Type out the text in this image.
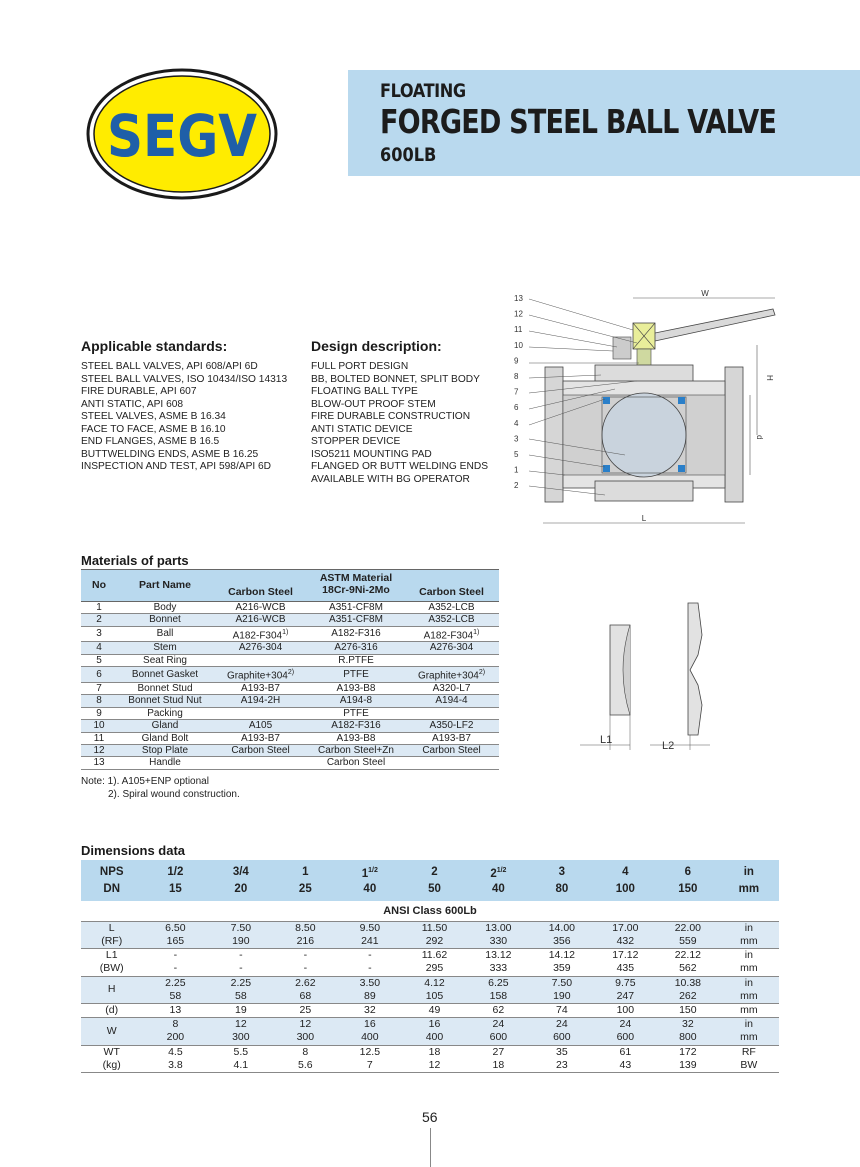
SEGV
FLOATING
FORGED STEEL BALL VALVE
600LB
Applicable standards:
STEEL BALL VALVES, API 608/API 6D
STEEL BALL VALVES, ISO 10434/ISO 14313
FIRE DURABLE, API 607
ANTI STATIC, API 608
STEEL VALVES, ASME B 16.34
FACE TO FACE, ASME B 16.10
END FLANGES, ASME B 16.5
BUTTWELDING ENDS, ASME B 16.25
INSPECTION AND TEST, API 598/API 6D
Design description:
FULL PORT DESIGN
BB, BOLTED BONNET, SPLIT BODY
FLOATING BALL TYPE
BLOW-OUT PROOF STEM
FIRE DURABLE CONSTRUCTION
ANTI STATIC DEVICE
STOPPER DEVICE
ISO5211 MOUNTING PAD
FLANGED OR BUTT WELDING ENDS
AVAILABLE WITH BG OPERATOR
W
H
d
L
13
12
11
10
9
8
7
6
4
3
5
1
2
L1	L2
Materials of parts
No	Part Name	ASTM Material		
		Carbon Steel	18Cr-9Ni-2Mo	Carbon Steel
1	Body	A216-WCB	A351-CF8M	A352-LCB
2	Bonnet	A216-WCB	A351-CF8M	A352-LCB
3	Ball	A182-F304$^{1)}$	A182-F316	A182-F304$^{1)}$
4	Stem	A276-304	A276-316	A276-304
5	Seat Ring	R.PTFE		
6	Bonnet Gasket	$Graphite+304^{2)}$	PTFE	$Graphite+304^{2)}$
7	Bonnet Stud	A193-B7	A193-B8	A320-L7
8	Bonnet Stud Nut	A194-2H	A194-8	A194-4
9	Packing	PTFE		
10	Gland	A105	A182-F316	A350-LF2
11	Gland Bolt	A193-B7	A193-B8	A193-B7
12	Stop Plate	Carbon Steel	Carbon Steel+Zn	Carbon Steel
13	Handle	Carbon Steel		
Note: 1). A105+ENP optional
2). Spiral wound construction.
Dimensions data
NPS	1/2	3/4	1	$1^{1/2}$	2	$2^{1/2}$	3	4	6	in
DN	15	20	25	40	50	40	80	100	150	mm
ANSI Class 600Lb										
L	6.50	7.50	8.50	9.50	11.50	13.00	14.00	17.00	22.00	in
(RF)	165	190	216	241	292	330	356	432	559	mm
L1	-	-	-	-	11.62	13.12	14.12	17.12	22.12	in
(BW)	-	-	-	-	295	333	359	435	562	mm
H	2.25	2.25	2.62	3.50	4.12	6.25	7.50	9.75	10.38	in
	58	58	68	89	105	158	190	247	262	mm
(d)	13	19	25	32	49	62	74	100	150	mm
W	8	12	12	16	16	24	24	24	32	in
	200	300	300	400	400	600	600	600	800	mm
WT	4.5	5.5	8	12.5	18	27	35	61	172	RF
(kg)	3.8	4.1	5.6	7	12	18	23	43	139	BW
56
